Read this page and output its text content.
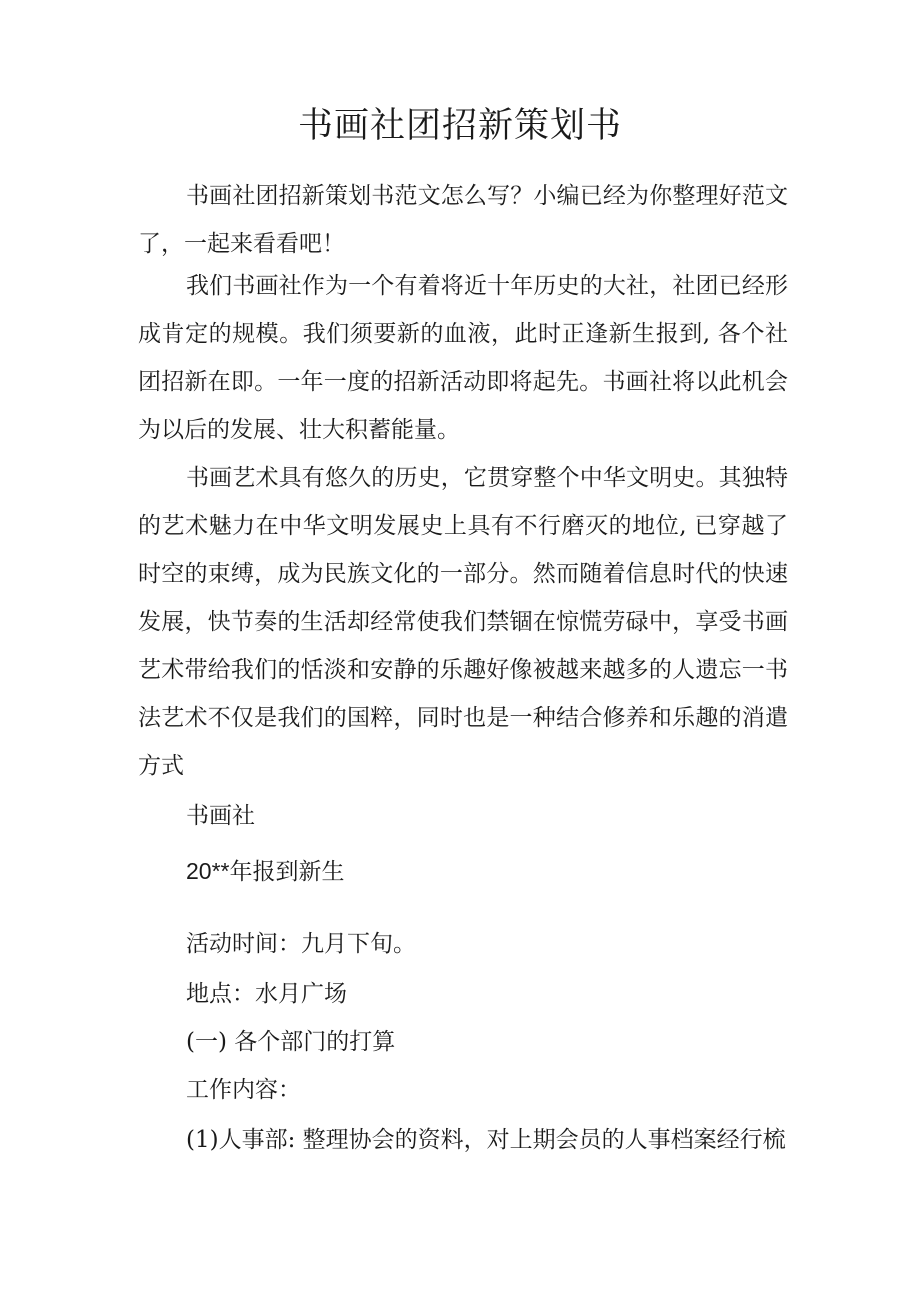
书画社团招新策划书

书画社团招新策划书范文怎么写？小编已经为你整理好范文了，一起来看看吧！

我们书画社作为一个有着将近十年历史的大社，社团已经形成肯定的规模。我们须要新的血液，此时正逢新生报到, 各个社团招新在即。一年一度的招新活动即将起先。书画社将以此机会为以后的发展、壮大积蓄能量。

书画艺术具有悠久的历史，它贯穿整个中华文明史。其独特的艺术魅力在中华文明发展史上具有不行磨灭的地位, 已穿越了时空的束缚，成为民族文化的一部分。然而随着信息时代的快速发展，快节奏的生活却经常使我们禁锢在惊慌劳碌中，享受书画艺术带给我们的恬淡和安静的乐趣好像被越来越多的人遗忘一书法艺术不仅是我们的国粹，同时也是一种结合修养和乐趣的消遣方式

书画社

20**年报到新生

活动时间：九月下旬。

地点：水月广场

(一) 各个部门的打算

工作内容：

(1)人事部: 整理协会的资料，对上期会员的人事档案经行梳
